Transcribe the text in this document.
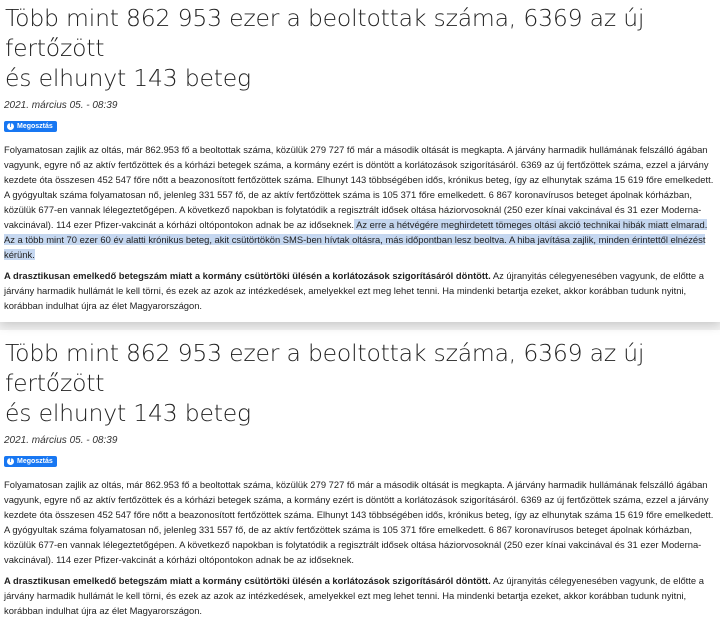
Több mint 862 953 ezer a beoltottak száma, 6369 az új fertőzött
és elhunyt 143 beteg
2021. március 05. - 08:39
f Megosztás
Folyamatosan zajlik az oltás, már 862.953 fő a beoltottak száma, közülük 279 727 fő már a második oltását is megkapta. A járvány harmadik hullámának felszálló ágában vagyunk, egyre nő az aktív fertőzöttek és a kórházi betegek száma, a kormány ezért is döntött a korlátozások szigorításáról. 6369 az új fertőzöttek száma, ezzel a járvány kezdete óta összesen 452 547 főre nőtt a beazonosított fertőzöttek száma. Elhunyt 143 többségében idős, krónikus beteg, így az elhunytak száma 15 619 főre emelkedett. A gyógyultak száma folyamatosan nő, jelenleg 331 557 fő, de az aktív fertőzöttek száma is 105 371 főre emelkedett. 6 867 koronavírusos beteget ápolnak kórházban, közülük 677-en vannak lélegeztetőgépen. A következő napokban is folytatódik a regisztrált idősek oltása háziorvosoknál (250 ezer kínai vakcinával és 31 ezer Moderna-vakcinával). 114 ezer Pfizer-vakcinát a kórházi oltópontokon adnak be az időseknek. Az erre a hétvégére meghirdetett tömeges oltási akció technikai hibák miatt elmarad. Az a több mint 70 ezer 60 év alatti krónikus beteg, akit csütörtökön SMS-ben hívtak oltásra, más időpontban lesz beoltva. A hiba javítása zajlik, minden érintettől elnézést kérünk.
A drasztikusan emelkedő betegszám miatt a kormány csütörtöki ülésén a korlátozások szigorításáról döntött. Az újranyitás célegyenesében vagyunk, de előtte a járvány harmadik hullámát le kell törni, és ezek az azok az intézkedések, amelyekkel ezt meg lehet tenni. Ha mindenki betartja ezeket, akkor korábban tudunk nyitni, korábban indulhat újra az élet Magyarországon.
Több mint 862 953 ezer a beoltottak száma, 6369 az új fertőzött
és elhunyt 143 beteg
2021. március 05. - 08:39
f Megosztás
Folyamatosan zajlik az oltás, már 862.953 fő a beoltottak száma, közülük 279 727 fő már a második oltását is megkapta. A járvány harmadik hullámának felszálló ágában vagyunk, egyre nő az aktív fertőzöttek és a kórházi betegek száma, a kormány ezért is döntött a korlátozások szigorításáról. 6369 az új fertőzöttek száma, ezzel a járvány kezdete óta összesen 452 547 főre nőtt a beazonosított fertőzöttek száma. Elhunyt 143 többségében idős, krónikus beteg, így az elhunytak száma 15 619 főre emelkedett. A gyógyultak száma folyamatosan nő, jelenleg 331 557 fő, de az aktív fertőzöttek száma is 105 371 főre emelkedett. 6 867 koronavírusos beteget ápolnak kórházban, közülük 677-en vannak lélegeztetőgépen. A következő napokban is folytatódik a regisztrált idősek oltása háziorvosoknál (250 ezer kínai vakcinával és 31 ezer Moderna-vakcinával). 114 ezer Pfizer-vakcinát a kórházi oltópontokon adnak be az időseknek.
A drasztikusan emelkedő betegszám miatt a kormány csütörtöki ülésén a korlátozások szigorításáról döntött. Az újranyitás célegyenesében vagyunk, de előtte a járvány harmadik hullámát le kell törni, és ezek az azok az intézkedések, amelyekkel ezt meg lehet tenni. Ha mindenki betartja ezeket, akkor korábban tudunk nyitni, korábban indulhat újra az élet Magyarországon.
